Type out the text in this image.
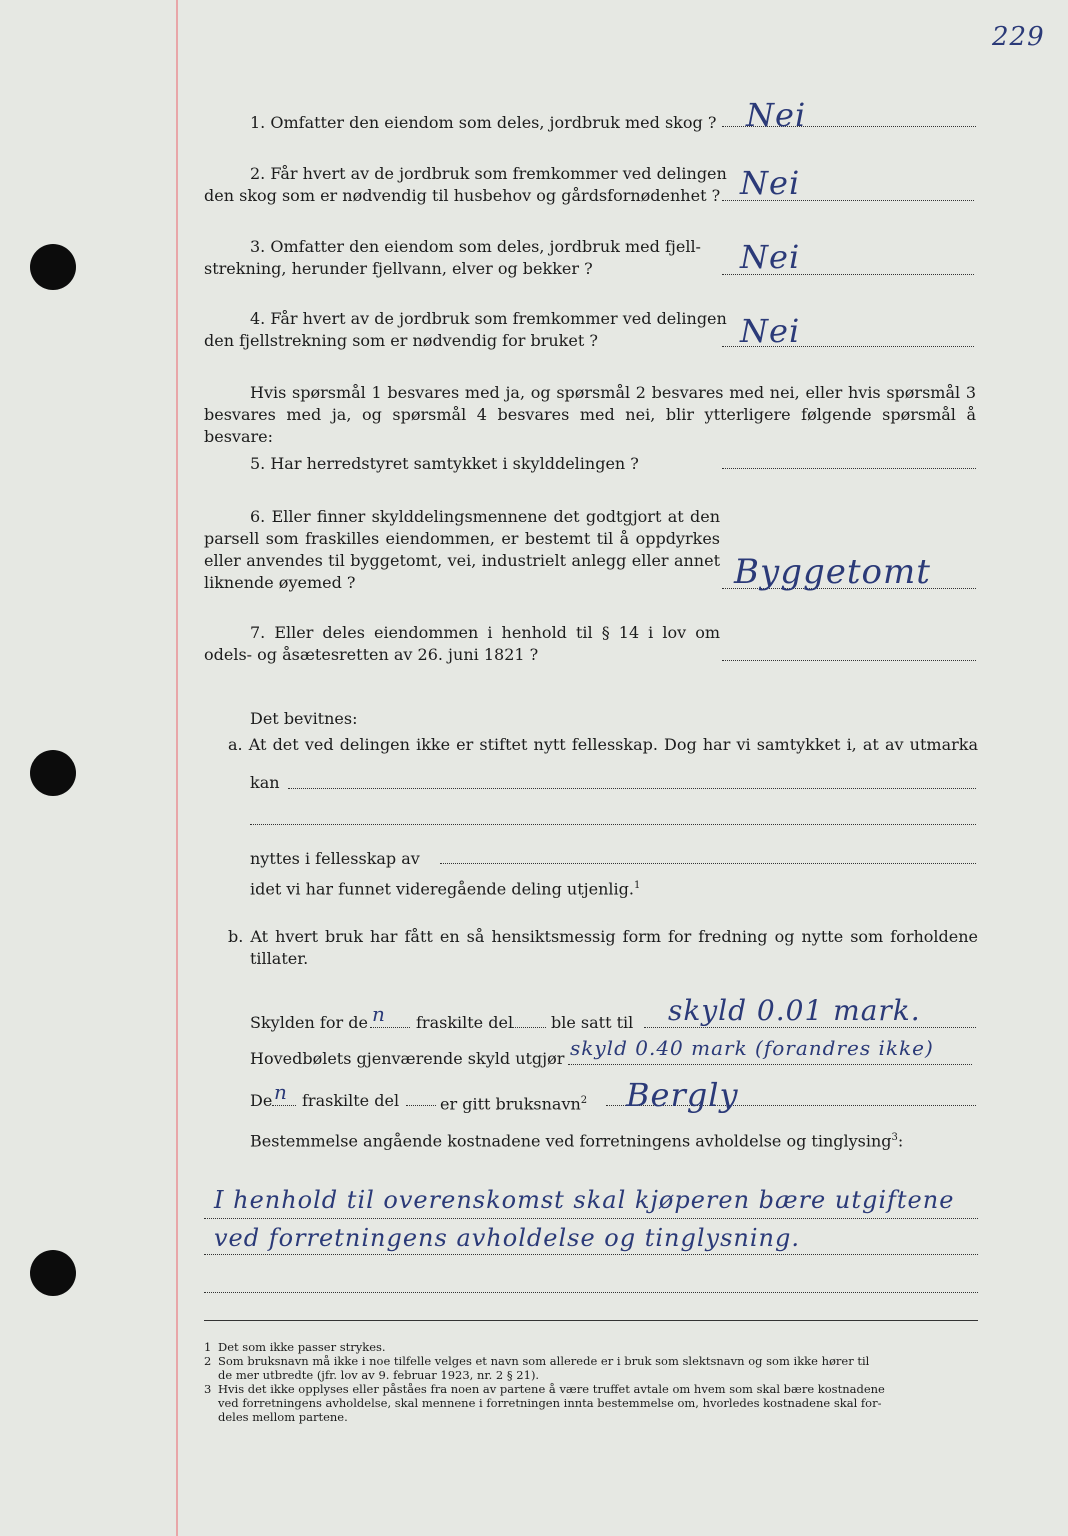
229
1. Omfatter den eiendom som deles, jordbruk med skog ? Nei
2. Får hvert av de jordbruk som fremkommer ved delingen
den skog som er nødvendig til husbehov og gårdsfornødenhet ? Nei
3. Omfatter den eiendom som deles, jordbruk med fjell-
strekning, herunder fjellvann, elver og bekker ?	Nei
4. Får hvert av de jordbruk som fremkommer ved delingen
den fjellstrekning som er nødvendig for bruket ?	Nei
Hvis spørsmål 1 besvares med ja, og spørsmål 2 besvares med nei, eller hvis spørsmål 3
besvares med ja, og spørsmål 4 besvares med nei, blir ytterligere følgende spørsmål å besvare:
5. Har herredstyret samtykket i skylddelingen ?
6. Eller finner skylddelingsmennene det godtgjort at den
parsell som fraskilles eiendommen, er bestemt til å oppdyrkes
eller anvendes til byggetomt, vei, industrielt anlegg eller annet
liknende øyemed ?	Byggetomt
7. Eller deles eiendommen i henhold til § 14 i lov om
odels- og åsætesretten av 26. juni 1821 ?
Det bevitnes:
a. At det ved delingen ikke er stiftet nytt fellesskap. Dog har vi samtykket i, at av utmarka
kan
nyttes i fellesskap av
idet vi har funnet videregående deling utjenlig.$^1$
b. At hvert bruk har fått en så hensiktsmessig form for fredning og nytte som forholdene
tillater.
Skylden for de n fraskilte del ble satt til skyld 0.01 mark.
Hovedbølets gjenværende skyld utgjør skyld 0.40 mark (forandres ikke)
De n fraskilte del	er gitt bruksnavn$^2$ Bergly
Bestemmelse angående kostnadene ved forretningens avholdelse og tinglysing$^3$:
I henhold til overenskomst skal kjøperen bære utgiftene
ved forretningens avholdelse og tinglysning.
1 Det som ikke passer strykes.
2 Som bruksnavn må ikke i noe tilfelle velges et navn som allerede er i bruk som slektsnavn og som ikke hører til
de mer utbredte (jfr. lov av 9. februar 1923, nr. 2 § 21).
3 Hvis det ikke opplyses eller påståes fra noen av partene å være truffet avtale om hvem som skal bære kostnadene
ved forretningens avholdelse, skal mennene i forretningen innta bestemmelse om, hvorledes kostnadene skal for-
deles mellom partene.
